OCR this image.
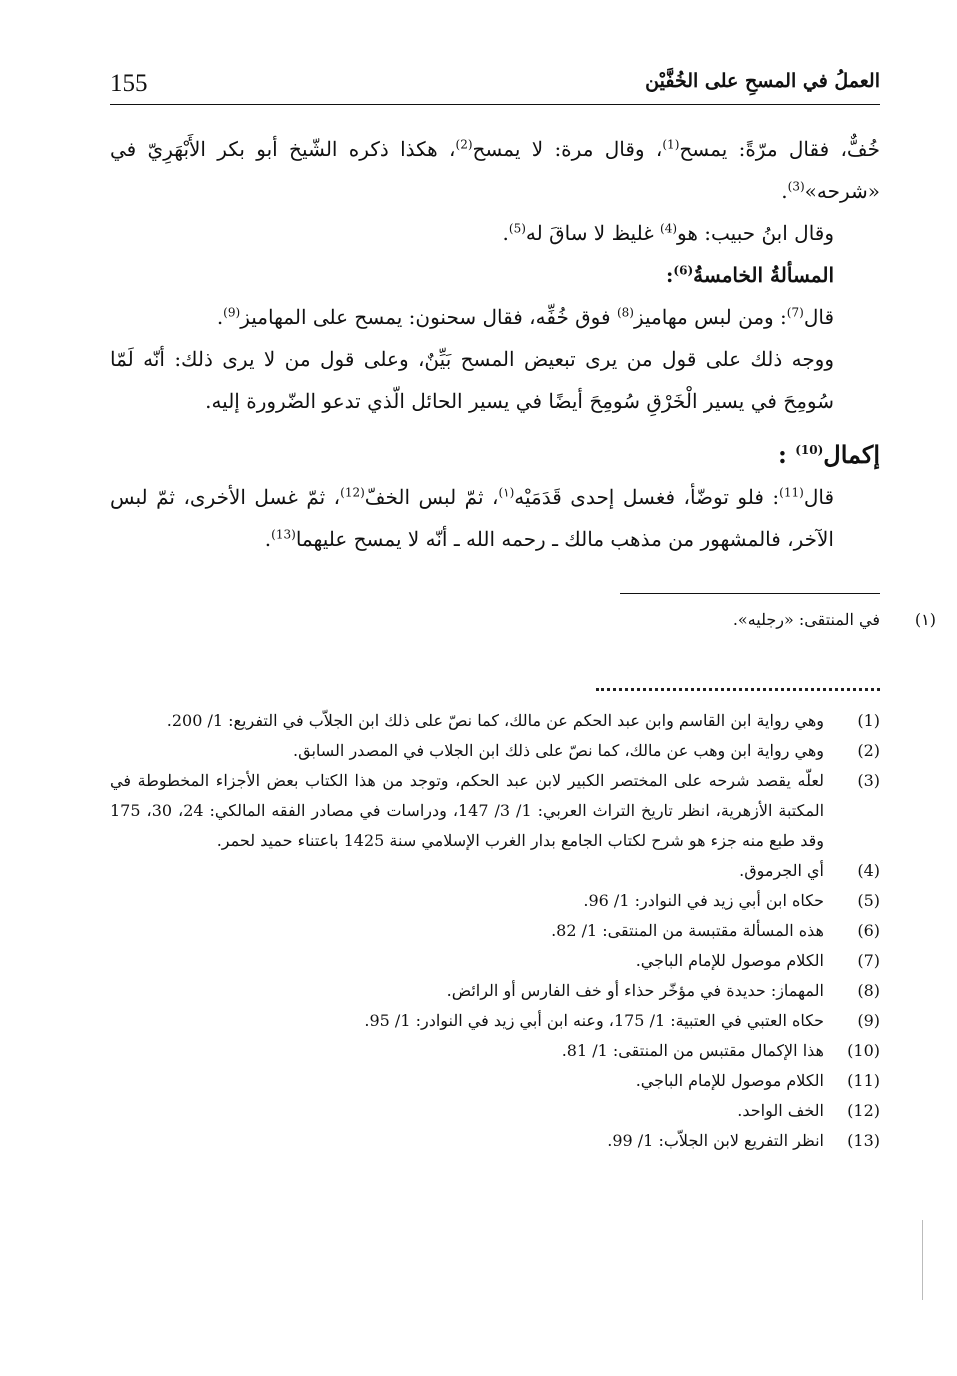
155	العملُ في المسحِ على الخُفَّيْن

خُفٌّ، فقال مرّةً: يمسح$^{(1)}$، وقال مرة: لا يمسح$^{(2)}$، هكذا ذكره الشّيخ أبو بكر الأَبْهَرِيّ في «شرحه»$^{(3)}$.

وقال ابنُ حبيب: هو$^{(4)}$ غليظ لا ساقَ له$^{(5)}$.

المسألةُ الخامسةُ$^{(6)}$:

قال$^{(7)}$: ومن لبس مهاميز$^{(8)}$ فوق خُفِّه، فقال سحنون: يمسح على المهاميز$^{(9)}$.

ووجه ذلك على قول من يرى تبعيض المسح بَيِّنٌ، وعلى قول من لا يرى ذلك: أنّه لَمّا سُومِحَ في يسير الْخَرْقِ سُومِحَ أيضًا في يسير الحائل الّذي تدعو الضّرورة إليه.

إكمال$^{(10)}$ :

قال$^{(11)}$: فلو توضّأ، فغسل إحدى قَدَمَيْه$^{(١)}$، ثمّ لبس الخفّ$^{(12)}$، ثمّ غسل الأخرى، ثمّ لبس الآخر، فالمشهور من مذهب مالك ـ رحمه الله ـ أنّه لا يمسح عليهما$^{(13)}$.

(١)
في المنتقى: «رجليه».
(1)
وهي رواية ابن القاسم وابن عبد الحكم عن مالك، كما نصّ على ذلك ابن الجلاّب في التفريع: 1/ 200.
(2)
وهي رواية ابن وهب عن مالك، كما نصّ على ذلك ابن الجلاب في المصدر السابق.
(3)
لعلّه يقصد شرحه على المختصر الكبير لابن عبد الحكم، وتوجد من هذا الكتاب بعض الأجزاء المخطوطة في المكتبة الأزهرية، انظر تاريخ التراث العربي: 1/ 3/ 147، ودراسات في مصادر الفقه المالكي: 24، 30، 175 وقد طبع منه جزء هو شرح لكتاب الجامع بدار الغرب الإسلامي سنة 1425 باعتناء حميد لحمر.
(4)
أي الجرموق.
(5)
حكاه ابن أبي زيد في النوادر: 1/ 96.
(6)
هذه المسألة مقتبسة من المنتقى: 1/ 82.
(7)
الكلام موصول للإمام الباجي.
(8)
المهماز: حديدة في مؤخّر حذاء أو خف الفارس أو الرائض.
(9)
حكاه العتبي في العتبية: 1/ 175، وعنه ابن أبي زيد في النوادر: 1/ 95.
(10)
هذا الإكمال مقتبس من المنتقى: 1/ 81.
(11)
الكلام موصول للإمام الباجي.
(12)
الخف الواحد.
(13)
انظر التفريع لابن الجلاّب: 1/ 99.
